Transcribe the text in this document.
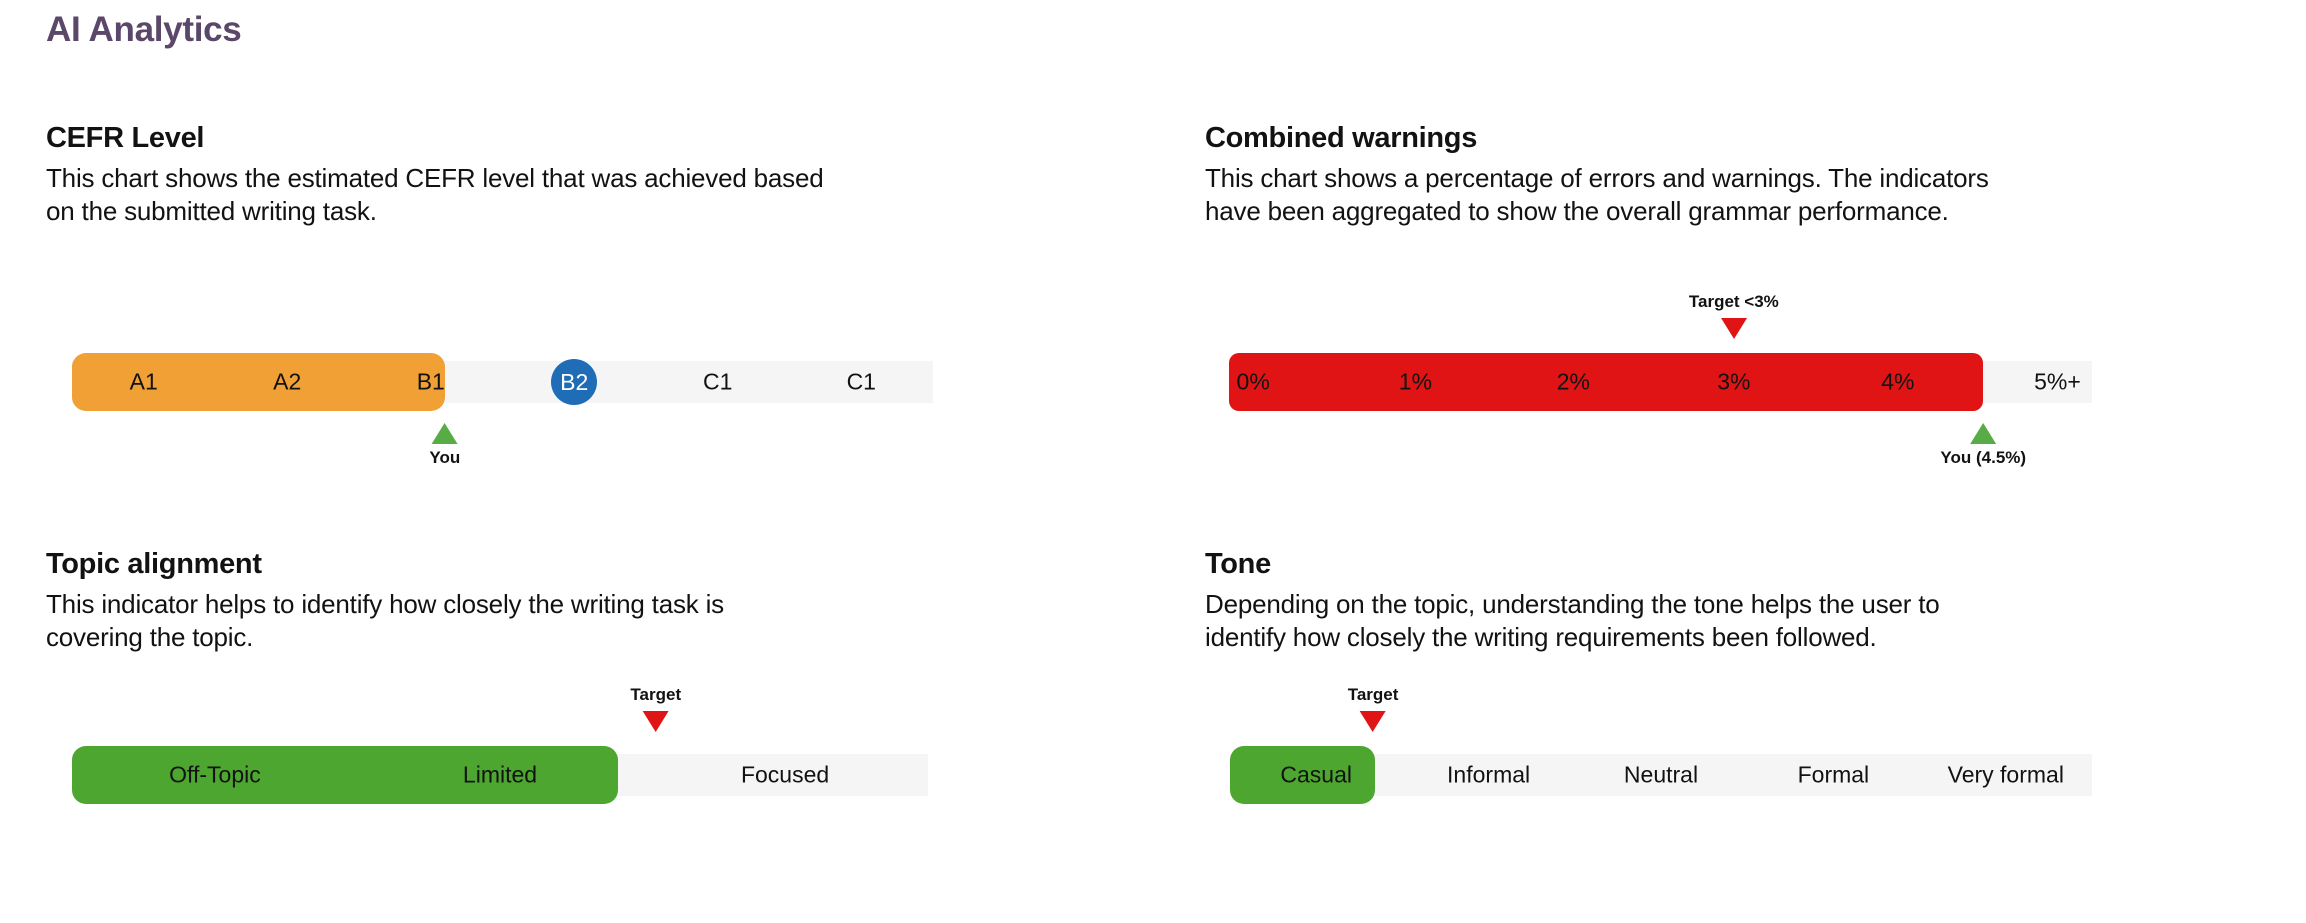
AI Analytics
CEFR Level
This chart shows the estimated CEFR level that was achieved based
on the submitted writing task.
A1	A2	B1	B2	C1	C1
You
Combined warnings
This chart shows a percentage of errors and warnings. The indicators
have been aggregated to show the overall grammar performance.
0%	1%	2%	3%	4%	5%+
Target <3%
You (4.5%)
Topic alignment
This indicator helps to identify how closely the writing task is
covering the topic.
Off-Topic	Limited	Focused
Target
Tone
Depending on the topic, understanding the tone helps the user to
identify how closely the writing requirements been followed.
Casual	Informal	Neutral	Formal	Very formal
Target
